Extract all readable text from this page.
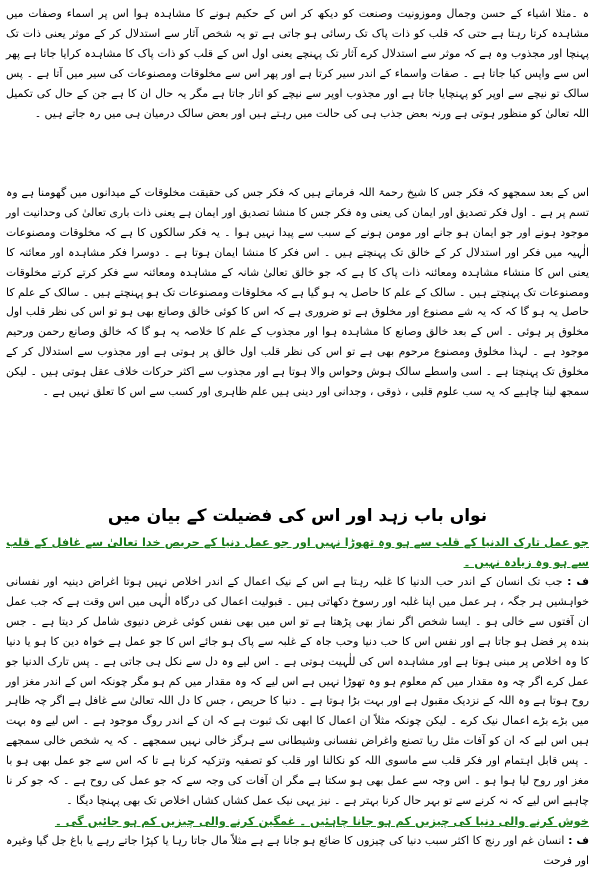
ہ ۔مثلا اشیاء کے حسن وجمال وموزونیت وصنعت کو دیکھ کر اس کے حکیم ہونے کا مشاہدہ ہوا اس پر اسماء وصفات میں مشاہدہ کرتا رہتا ہے حتی کہ قلب کو ذات پاک تک رسائی ہو جاتی ہے تو یہ شخص آثار سے استدلال کر کے موثر یعنی ذات تک پہنچا اور مجذوب وہ ہے کہ موثر سے استدلال کرے آثار تک پہنچے یعنی اول اس کے قلب کو ذات پاک کا مشاہدہ کرایا جاتا ہے پھر اس سے واپس کیا جاتا ہے ۔ صفات واسماء کے اندر سیر کرتا ہے اور پھر اس سے مخلوقات ومصنوعات کی سیر میں آتا ہے ۔ پس سالک تو نیچے سے اوپر کو پہنچایا جاتا ہے اور مجذوب اوپر سے نیچے کو اتار جاتا ہے مگر یہ حال ان کا ہے جن کے حال کی تکمیل اللہ تعالیٰ کو منظور ہوتی ہے ورنہ بعض جذب ہی کی حالت میں رہتے ہیں اور بعض سالک درمیان ہی میں رہ جاتے ہیں ۔

اس کے بعد سمجھو کہ فکر جس کا شیخ رحمۃ اللہ فرماتے ہیں کہ فکر جس کی حقیقت مخلوقات کے میدانوں میں گھومنا ہے وہ تسم پر ہے ۔ اول فکر تصدیق اور ایمان کی یعنی وہ فکر جس کا منشا تصدیق اور ایمان ہے یعنی ذات باری تعالیٰ کی وحدانیت اور موجود ہونے اور جو ایمان ہو جانے اور مومن ہونے کے سبب سے پیدا نہیں ہوا ۔ یہ فکر سالکوں کا ہے کہ مخلوقات ومصنوعات الٰہیہ میں فکر اور استدلال کر کے خالق تک پہنچتے ہیں ۔ اس فکر کا منشا ایمان ہوتا ہے ۔ دوسرا فکر مشاہدہ اور معائنہ کا یعنی اس کا منشاء مشاہدہ ومعائنہ ذات پاک کا ہے کہ جو خالق تعالیٰ شانہ کے مشاہدہ ومعائنہ سے فکر کرتے کرتے مخلوقات ومصنوعات تک پہنچتے ہیں ۔ سالک کے علم کا حاصل یہ ہو گیا ہے کہ مخلوقات ومصنوعات تک ہو پہنچتے ہیں ۔ سالک کے علم کا حاصل یہ ہو گا کہ کہ یہ شے مصنوع اور مخلوق ہے تو ضروری ہے کہ اس کا کوئی خالق وصانع بھی ہو تو اس کی نظر قلب اول مخلوق پر ہوئی ۔ اس کے بعد خالق وصانع کا مشاہدہ ہوا اور مجذوب کے علم کا خلاصہ یہ ہو گا کہ خالق وصانع رحمن ورحیم موجود ہے ۔ لہذا مخلوق ومصنوع مرحوم بھی ہے تو اس کی نظر قلب اول خالق پر ہوتی ہے اور مجذوب سے استدلال کر کے مخلوق تک پہنچتا ہے ۔ اسی واسطے سالک ہوش وحواس والا ہوتا ہے اور مجذوب سے اکثر حرکات خلاف عقل ہوتی ہیں ۔ لیکن سمجھ لینا چاہیے کہ یہ سب علوم قلبی ، ذوقی ، وجدانی اور دینی ہیں علم ظاہری اور کسب سے اس کا تعلق نہیں ہے ۔

نواں باب زہد اور اس کی فضیلت کے بیان میں

جو عمل تارک الدنیا کے قلب سے ہو وہ تھوڑا نہیں اور جو عمل دنیا کے حریص خدا تعالیٰ سے غافل کے قلب سے ہو وہ زیادہ نہیں ۔

ف : جب تک انسان کے اندر حب الدنیا کا غلبہ رہتا ہے اس کے نیک اعمال کے اندر اخلاص نہیں ہوتا اغراض دینیہ اور نفسانی خواہشیں ہر جگہ ، ہر عمل میں اپنا غلبہ اور رسوخ دکھاتی ہیں ۔ قبولیت اعمال کی درگاہ الٰہی میں اس وقت ہے کہ جب عمل ان آفتوں سے خالی ہو ۔ ایسا شخص اگر نماز بھی پڑھتا ہے تو اس میں بھی نفس کوئی غرض دنیوی شامل کر دیتا ہے ۔ جس بندہ پر فضل ہو جاتا ہے اور نفس اس کا حب دنیا وحب جاہ کے غلبہ سے پاک ہو جائے اس کا جو عمل ہے خواہ دین کا ہو یا دنیا کا وہ اخلاص پر مبنی ہوتا ہے اور مشاہدہ اس کی للٰہیت ہوتی ہے ۔ اس لیے وہ دل سے نکل ہی جاتی ہے ۔ پس تارک الدنیا جو عمل کرے اگر چہ وہ مقدار میں کم معلوم ہو وہ تھوڑا نہیں ہے اس لیے کہ وہ مقدار میں کم ہو مگر چونکہ اس کے اندر مغز اور روح ہوتا ہے وہ اللہ کے نزدیک مقبول ہے اور بہت بڑا ہوتا ہے ۔ دنیا کا حریص ، جس کا دل اللہ تعالیٰ سے غافل ہے اگر چہ ظاہر میں بڑے بڑے اعمال نیک کرے ۔ لیکن چونکہ مثلاً ان اعمال کا ابھی تک ثبوت ہے کہ ان کے اندر روگ موجود ہے ۔ اس لیے وہ بہت ہیں اس لیے کہ ان کو آفات مثل ریا تصنع واغراض نفسانی وشیطانی سے ہرگز خالی نہیں سمجھے ۔ کہ یہ شخص خالی سمجھے ۔ پس قابل اہتمام اور فکر قلب سے ماسوی اللہ کو نکالنا اور قلب کو تصفیہ وتزکیہ کرنا ہے تا کہ اس سے جو عمل بھی ہو با مغز اور روح لیا ہوا ہو ۔ اس وجہ سے عمل بھی ہو سکتا ہے مگر ان آفات کی وجہ سے کہ جو عمل کی روح ہے ۔ کہ جو کر نا چاہیے اس لیے کہ نہ کرنے سے تو بہر حال کرنا بہتر ہے ۔ نیز یہی نیک عمل کشاں کشاں اخلاص تک بھی پہنچا دیگا ۔

خوش کرنے والی دنیا کی چیزیں کم ہو جانا چاہئیں ۔ غمگین کرنے والی چیزیں کم ہو جائیں گی ۔

ف : انسان غم اور رنج کا اکثر سبب دنیا کی چیزوں کا ضائع ہو جانا ہے ہے مثلاً مال جاتا رہا یا کپڑا جاتے رہے یا باغ جل گیا وغیرہ اور فرحت
